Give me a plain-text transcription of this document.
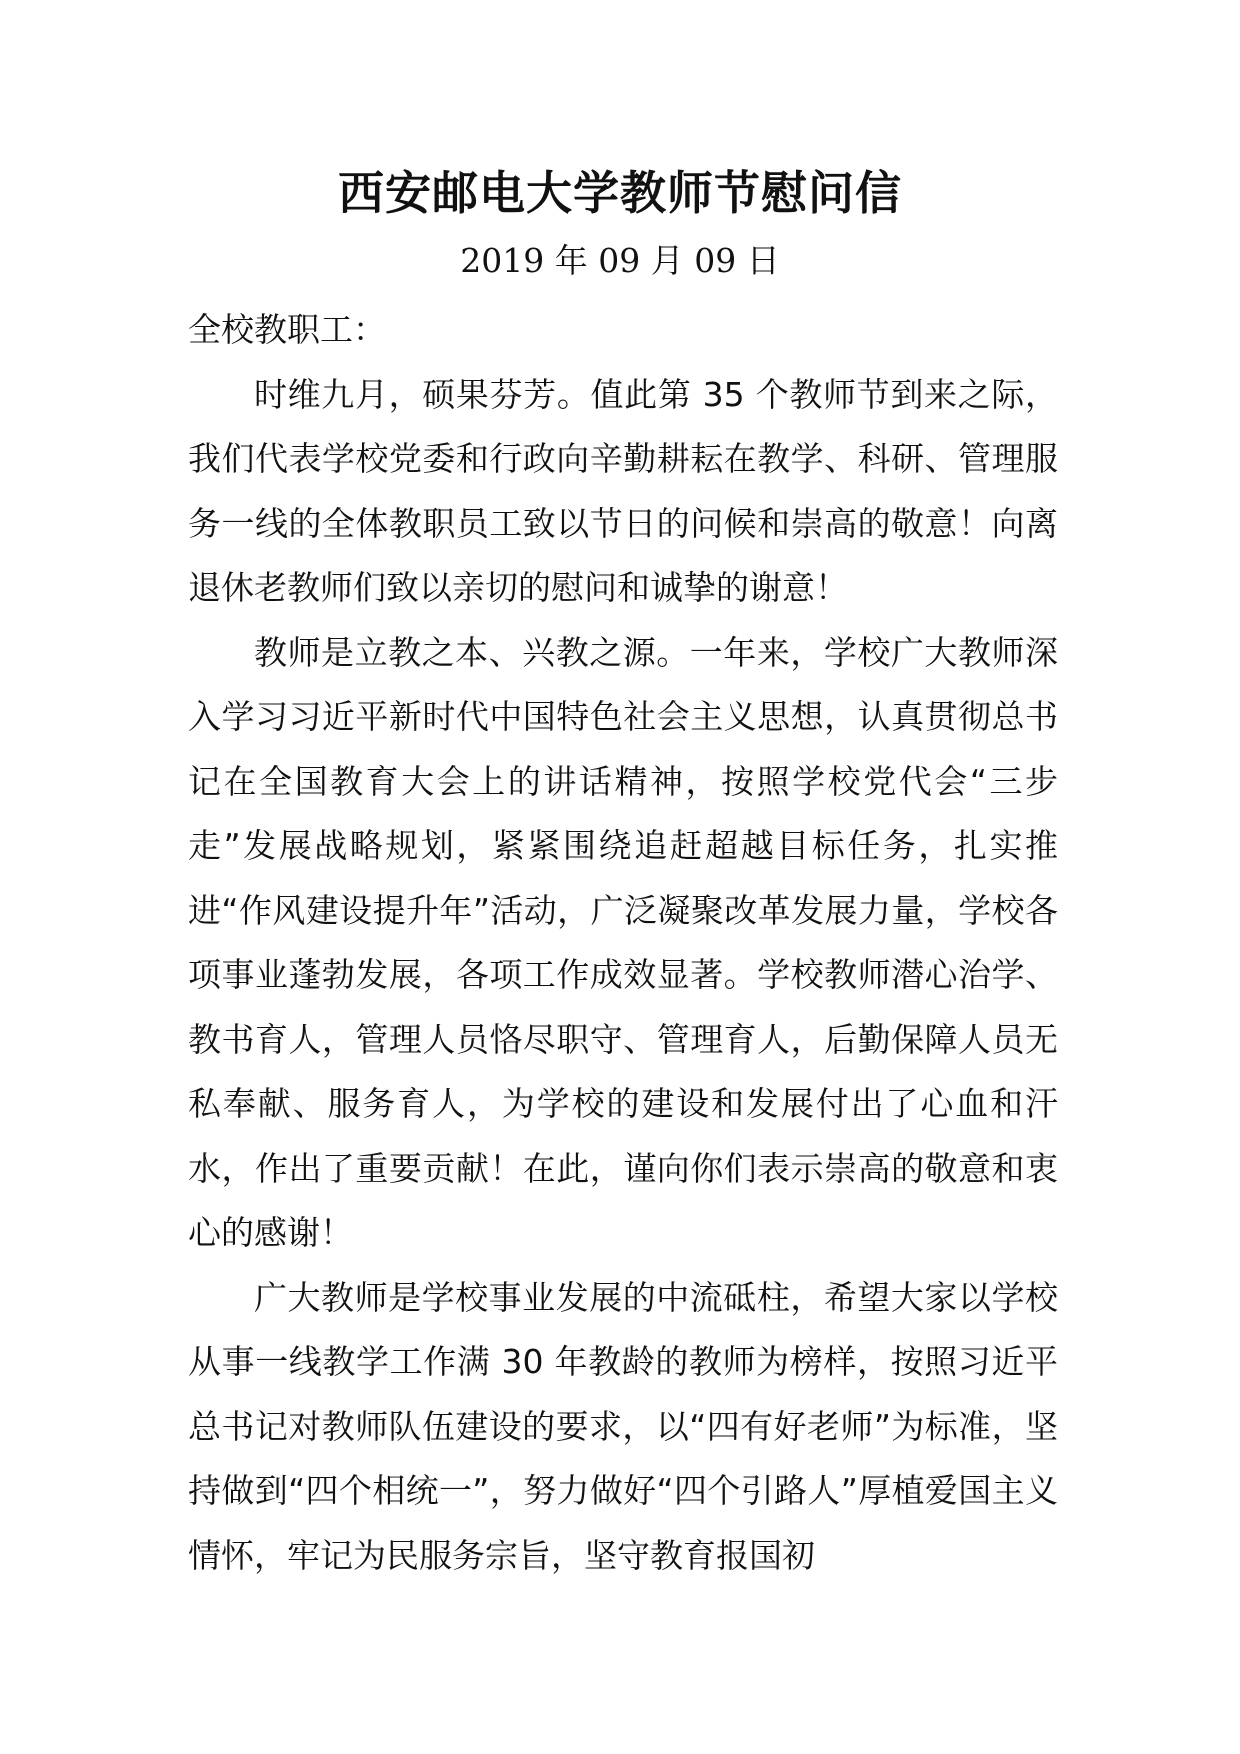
西安邮电大学教师节慰问信
2019 年 09 月 09 日

全校教职工：

时维九月，硕果芬芳。值此第 35 个教师节到来之际，我们代表学校党委和行政向辛勤耕耘在教学、科研、管理服务一线的全体教职员工致以节日的问候和崇高的敬意！向离退休老教师们致以亲切的慰问和诚挚的谢意！

教师是立教之本、兴教之源。一年来，学校广大教师深入学习习近平新时代中国特色社会主义思想，认真贯彻总书记在全国教育大会上的讲话精神，按照学校党代会“三步走”发展战略规划，紧紧围绕追赶超越目标任务，扎实推进“作风建设提升年”活动，广泛凝聚改革发展力量，学校各项事业蓬勃发展，各项工作成效显著。学校教师潜心治学、教书育人，管理人员恪尽职守、管理育人，后勤保障人员无私奉献、服务育人，为学校的建设和发展付出了心血和汗水，作出了重要贡献！在此，谨向你们表示崇高的敬意和衷心的感谢！

广大教师是学校事业发展的中流砥柱，希望大家以学校从事一线教学工作满 30 年教龄的教师为榜样，按照习近平总书记对教师队伍建设的要求，以“四有好老师”为标准，坚持做到“四个相统一”，努力做好“四个引路人”厚植爱国主义情怀，牢记为民服务宗旨，坚守教育报国初
